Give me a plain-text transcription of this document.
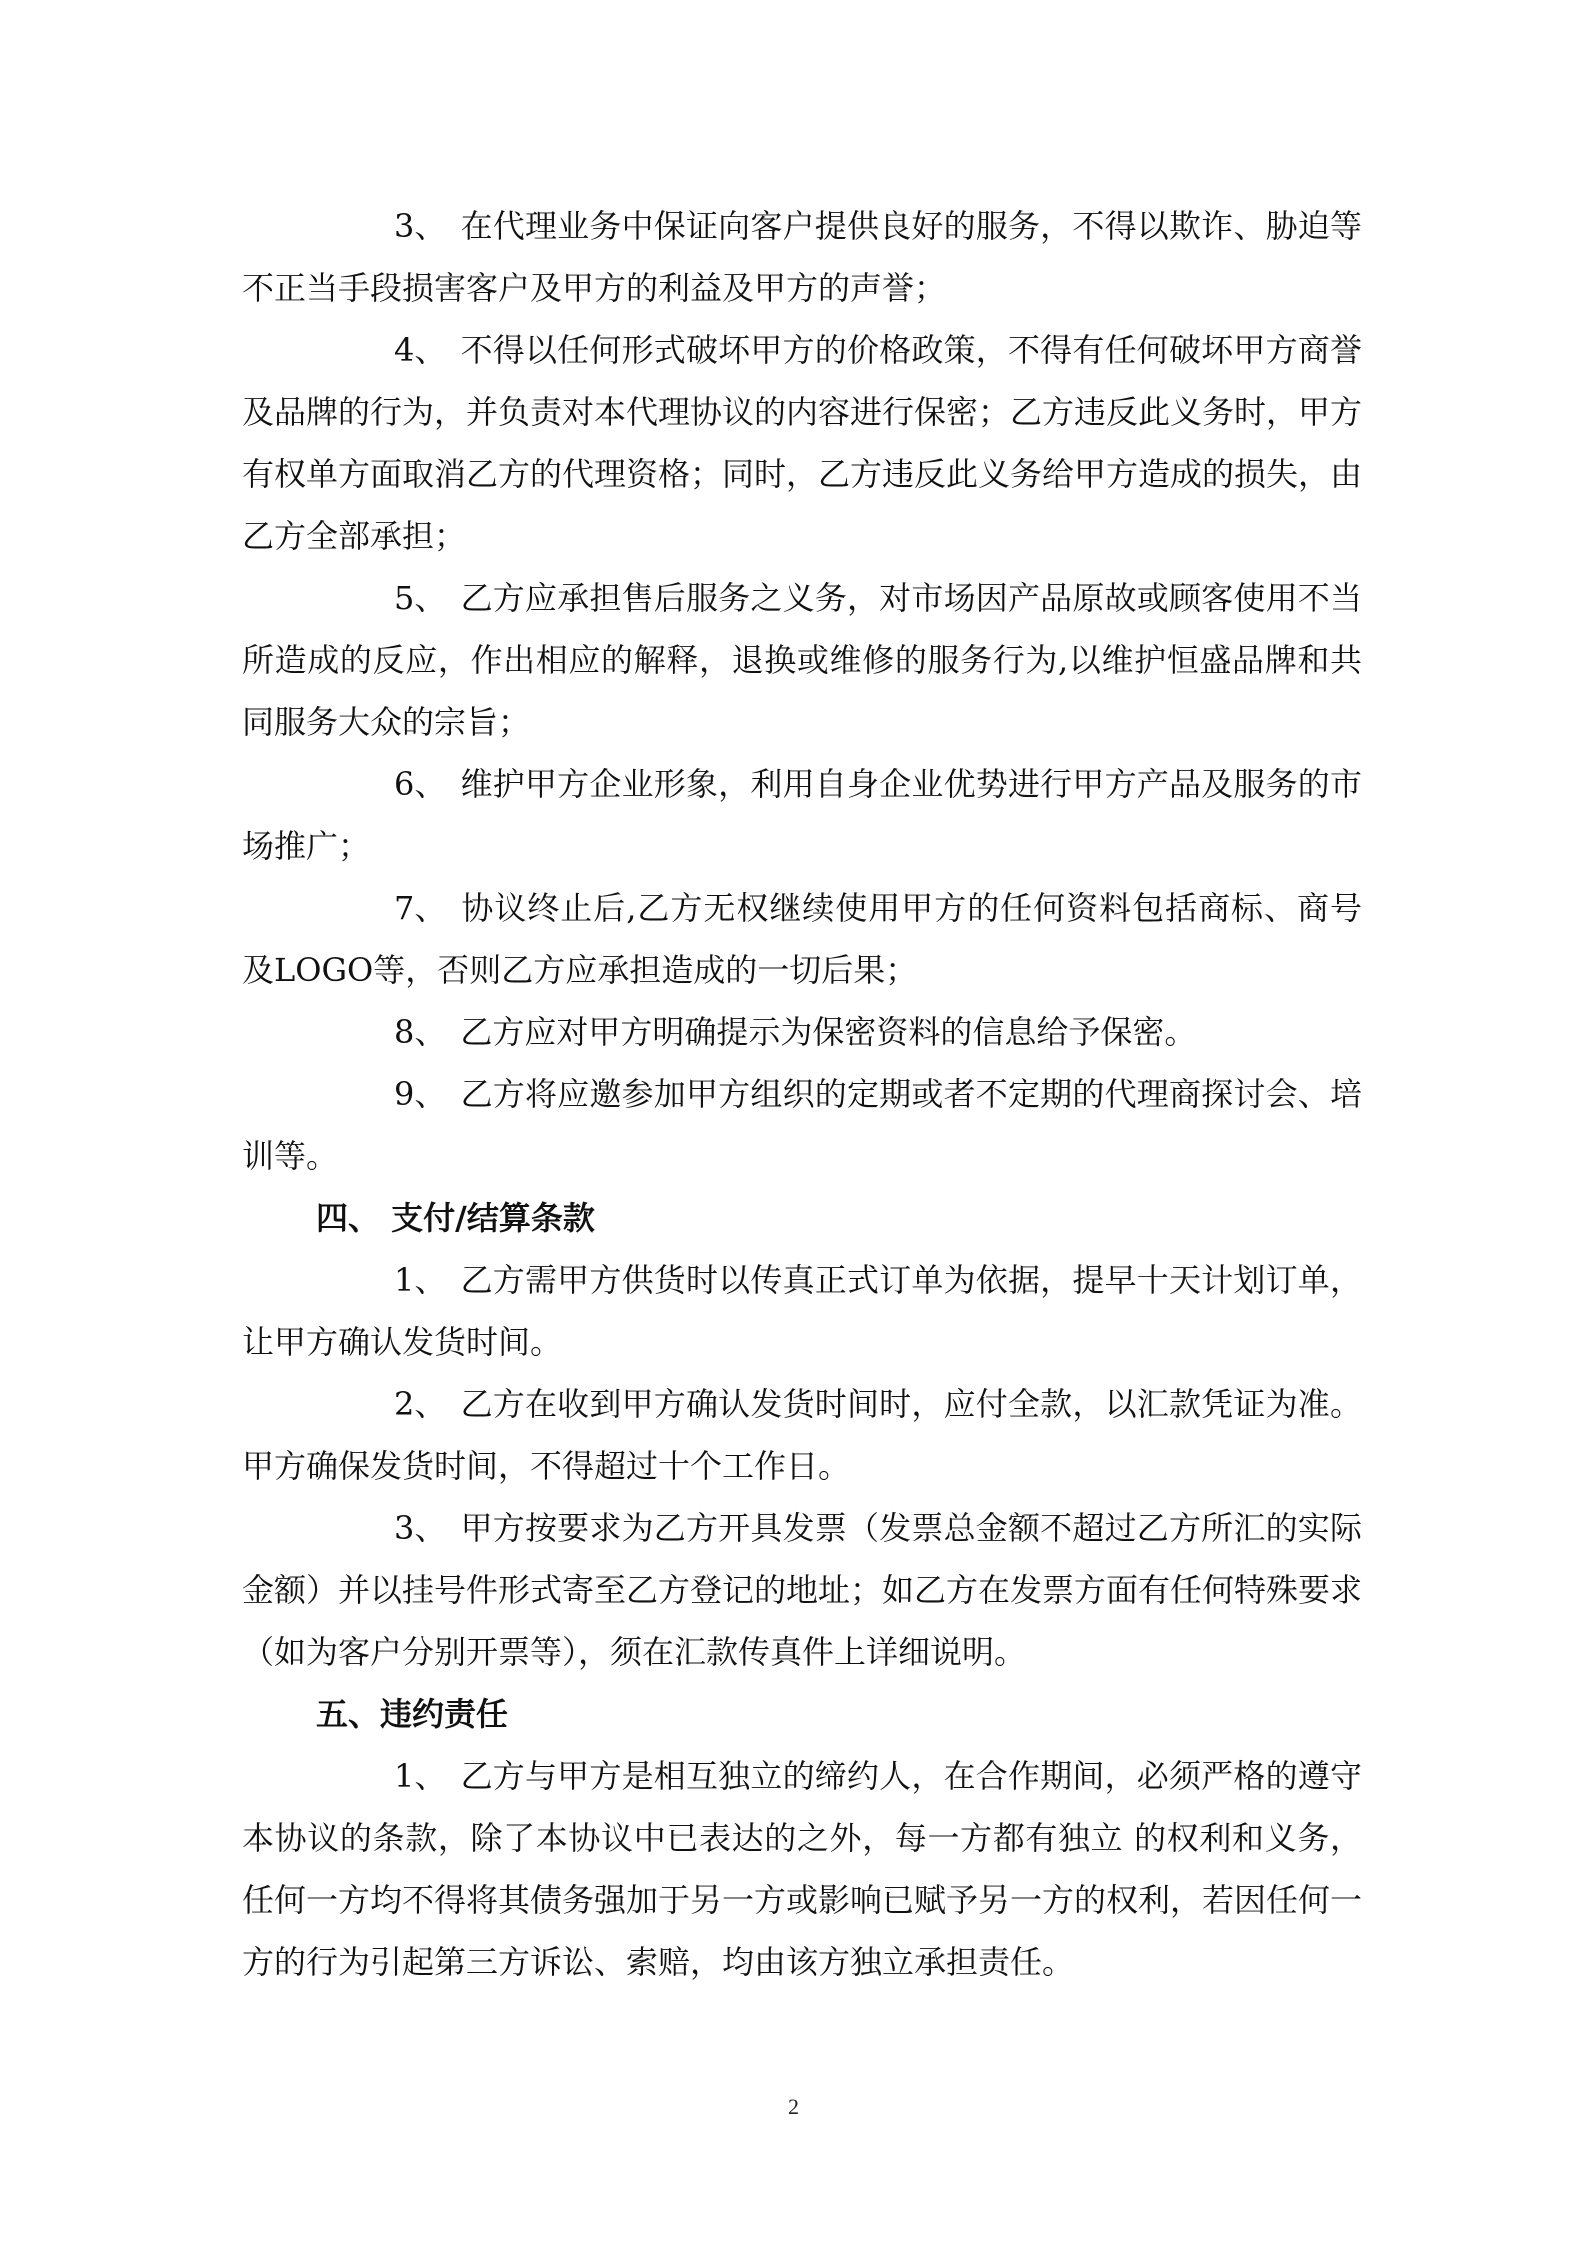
3、 在代理业务中保证向客户提供良好的服务，不得以欺诈、胁迫等不正当手段损害客户及甲方的利益及甲方的声誉；

4、 不得以任何形式破坏甲方的价格政策，不得有任何破坏甲方商誉及品牌的行为，并负责对本代理协议的内容进行保密；乙方违反此义务时，甲方有权单方面取消乙方的代理资格；同时，乙方违反此义务给甲方造成的损失，由乙方全部承担；

5、 乙方应承担售后服务之义务，对市场因产品原故或顾客使用不当所造成的反应，作出相应的解释，退换或维修的服务行为,以维护恒盛品牌和共同服务大众的宗旨；

6、 维护甲方企业形象，利用自身企业优势进行甲方产品及服务的市场推广；

7、 协议终止后,乙方无权继续使用甲方的任何资料包括商标、商号及LOGO等，否则乙方应承担造成的一切后果；

8、 乙方应对甲方明确提示为保密资料的信息给予保密。

9、 乙方将应邀参加甲方组织的定期或者不定期的代理商探讨会、培训等。

四、 支付/结算条款

1、 乙方需甲方供货时以传真正式订单为依据，提早十天计划订单，让甲方确认发货时间。

2、 乙方在收到甲方确认发货时间时，应付全款，以汇款凭证为准。甲方确保发货时间，不得超过十个工作日。

3、 甲方按要求为乙方开具发票（发票总金额不超过乙方所汇的实际金额）并以挂号件形式寄至乙方登记的地址；如乙方在发票方面有任何特殊要求（如为客户分别开票等），须在汇款传真件上详细说明。

五、违约责任

1、 乙方与甲方是相互独立的缔约人，在合作期间，必须严格的遵守本协议的条款，除了本协议中已表达的之外，每一方都有独立 的权利和义务，任何一方均不得将其债务强加于另一方或影响已赋予另一方的权利，若因任何一方的行为引起第三方诉讼、索赔，均由该方独立承担责任。

2
